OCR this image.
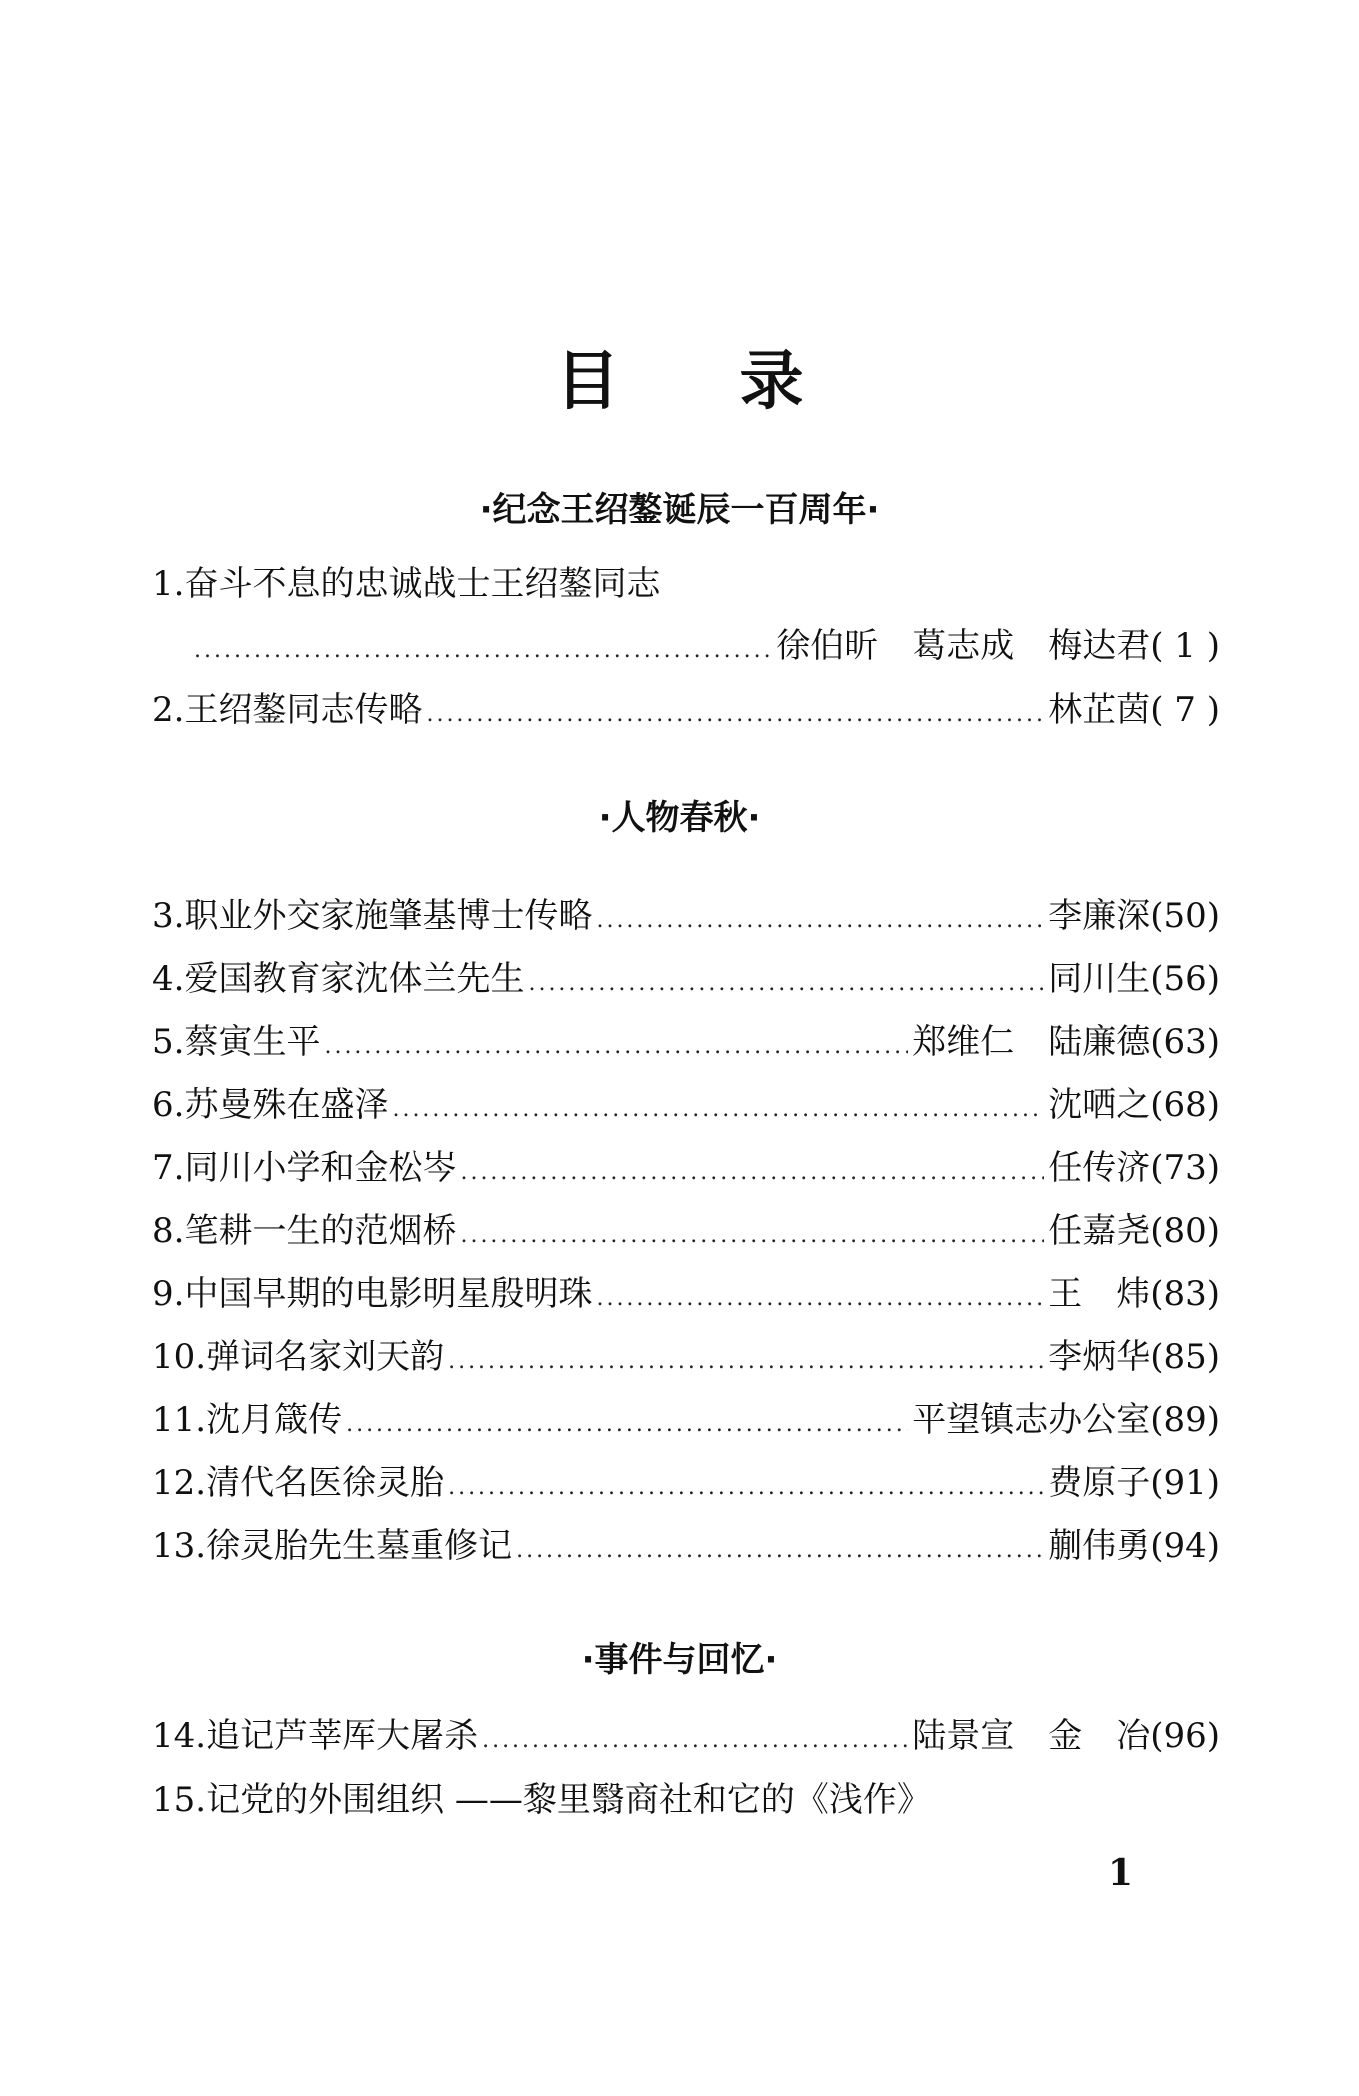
目录
·纪念王绍鏊诞辰一百周年·
1.奋斗不息的忠诚战士王绍鏊同志
.....
徐伯昕　葛志成　梅达君 ( 1 )
2.王绍鏊同志传略 .....	林芷茵 ( 7 )
·人物春秋·
3.职业外交家施肇基博士传略 .....	李廉深 (50)
4.爱国教育家沈体兰先生 .....	同川生 (56)
5.蔡寅生平 .....	郑维仁　陆廉德 (63)
6.苏曼殊在盛泽 .....	沈哂之 (68)
7.同川小学和金松岑 .....	任传济 (73)
8.笔耕一生的范烟桥 .....	任嘉尧 (80)
9.中国早期的电影明星殷明珠 .....	王　炜 (83)
10.弹词名家刘天韵 .....	李炳华 (85)
11.沈月箴传 .....	平望镇志办公室 (89)
12.清代名医徐灵胎 .....	费原子 (91)
13.徐灵胎先生墓重修记 .....	蒯伟勇 (94)
·事件与回忆·
14.追记芦莘厍大屠杀 .....	陆景宣　金　冶 (96)
15.记党的外围组织 ——黎里翳商社和它的《浅作》
1
